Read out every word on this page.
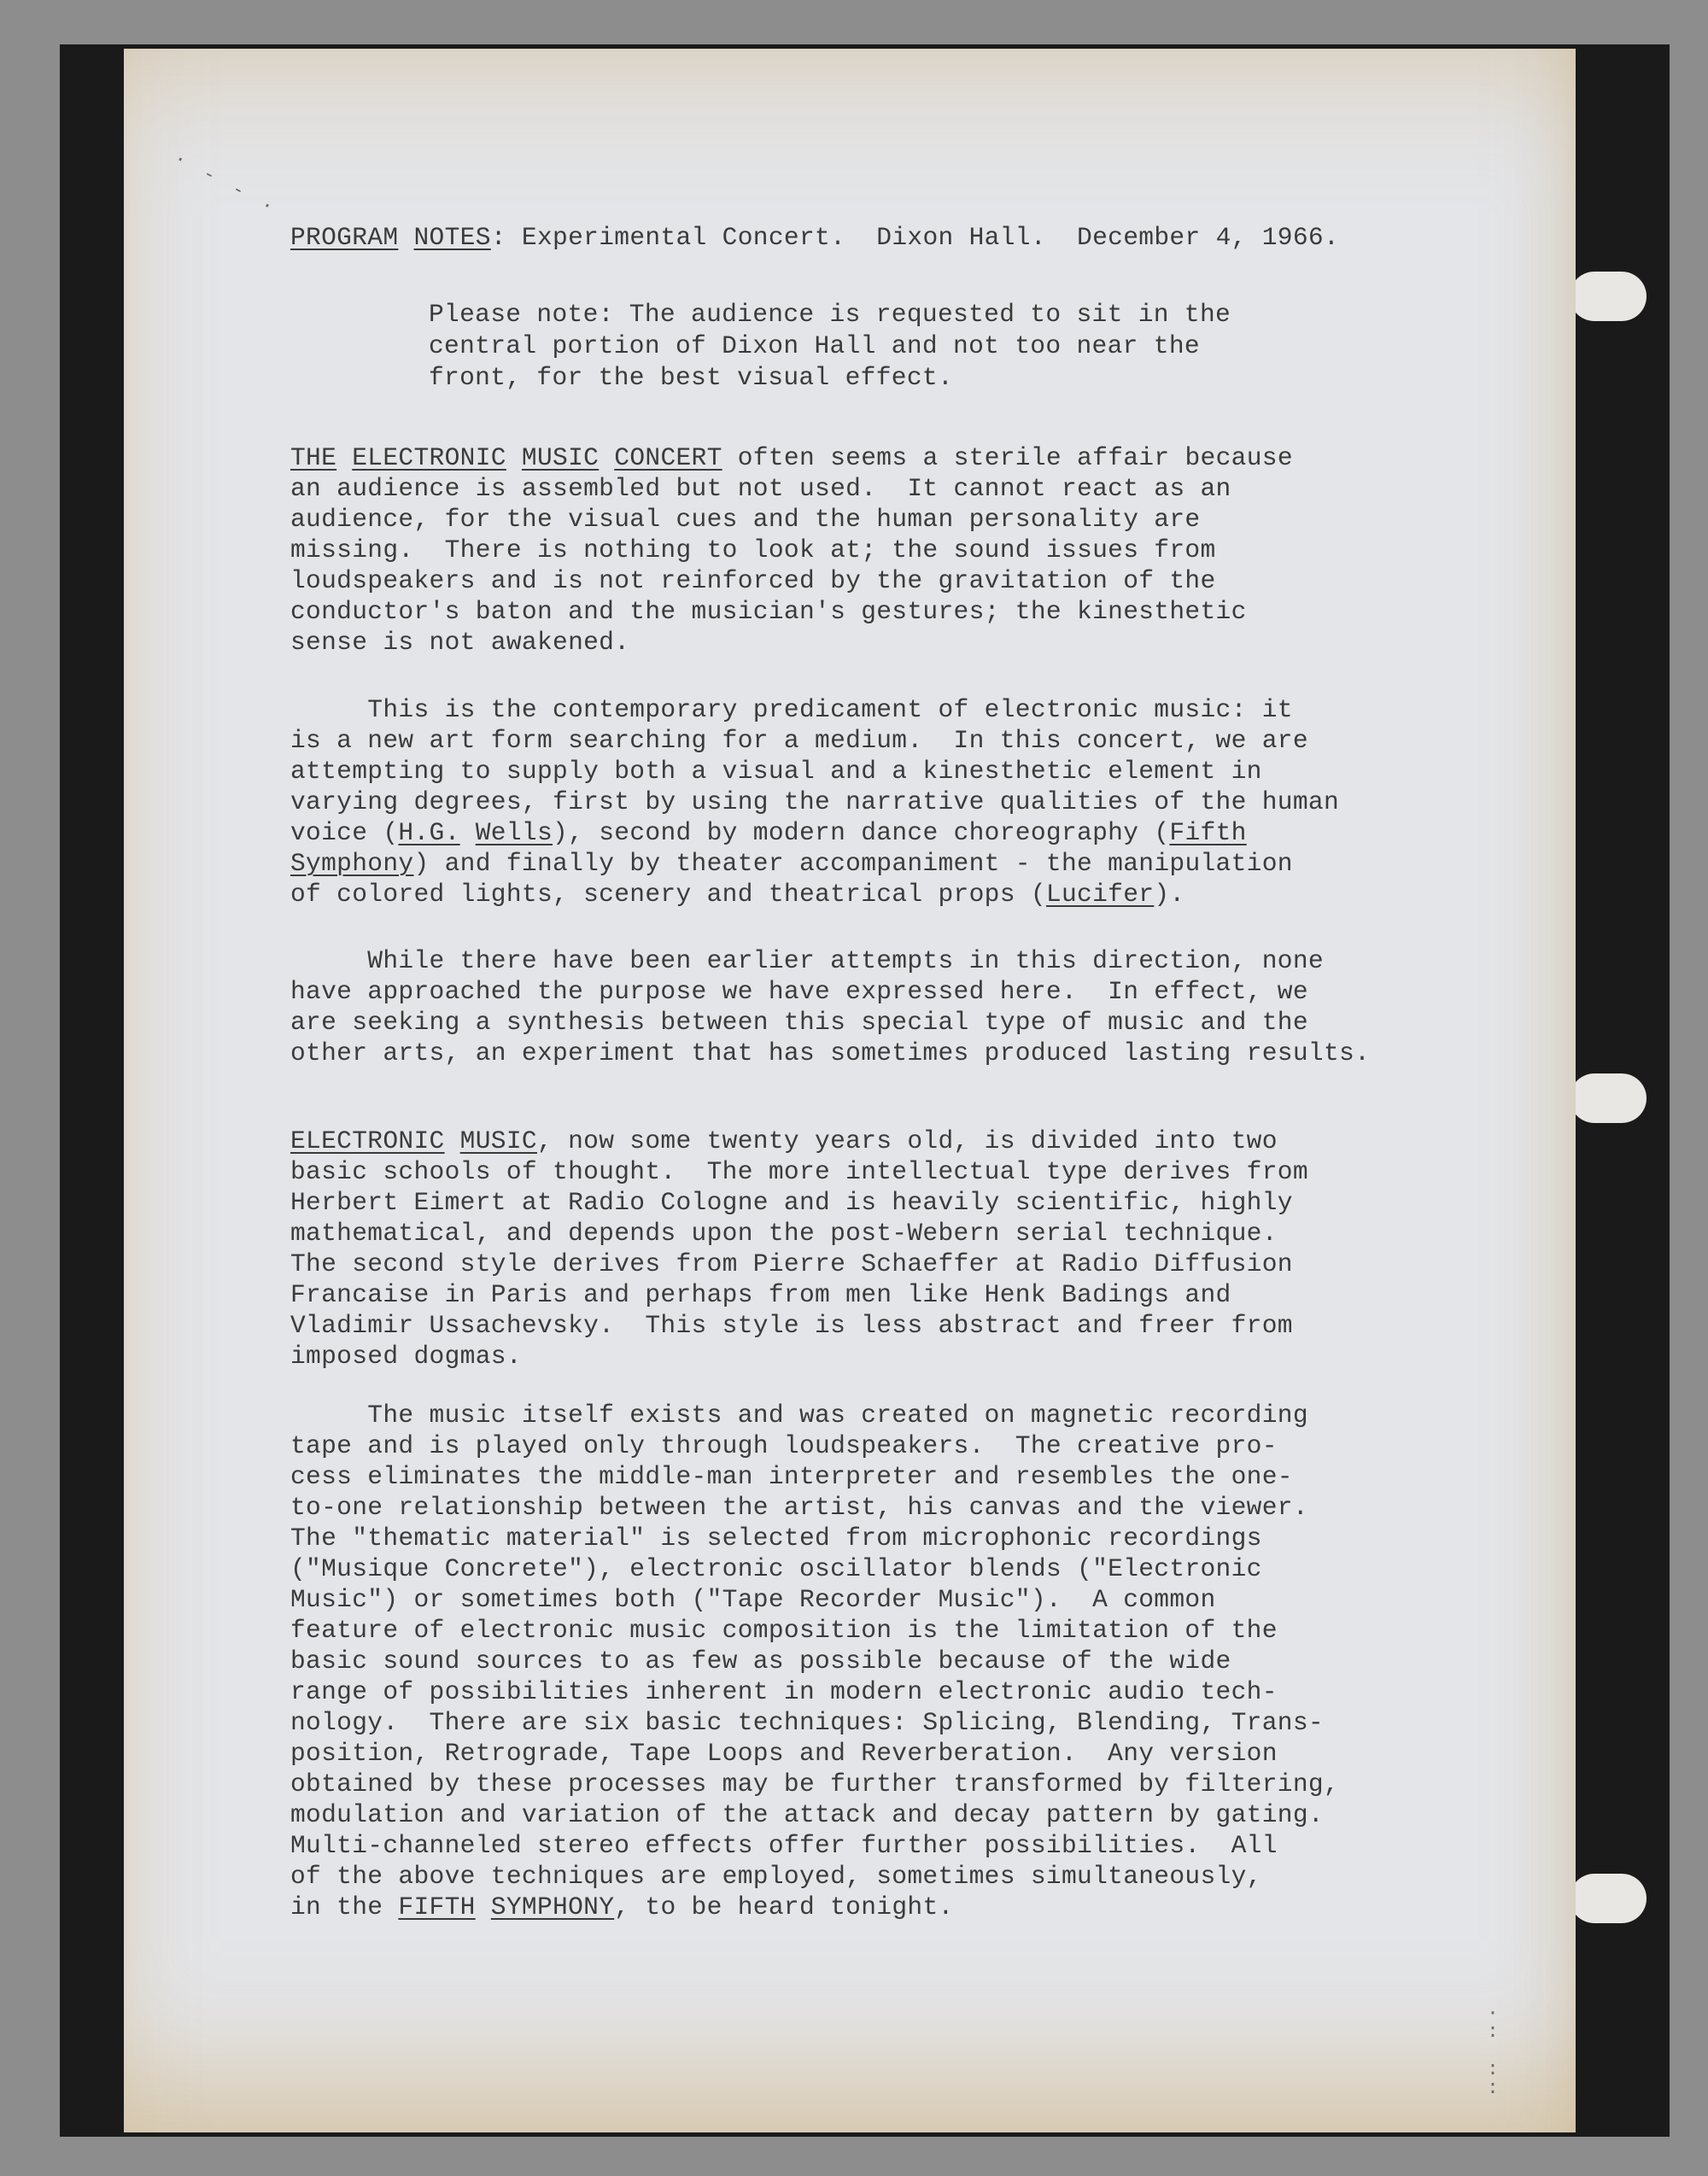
· - - ·
·
:

:
:

PROGRAM NOTES: Experimental Concert.  Dixon Hall.  December 4, 1966.

Please note: The audience is requested to sit in the

central portion of Dixon Hall and not too near the

front, for the best visual effect.

THE ELECTRONIC MUSIC CONCERT often seems a sterile affair because

an audience is assembled but not used.  It cannot react as an

audience, for the visual cues and the human personality are

missing.  There is nothing to look at; the sound issues from

loudspeakers and is not reinforced by the gravitation of the

conductor's baton and the musician's gestures; the kinesthetic

sense is not awakened.

This is the contemporary predicament of electronic music: it

is a new art form searching for a medium.  In this concert, we are

attempting to supply both a visual and a kinesthetic element in

varying degrees, first by using the narrative qualities of the human

voice (H.G. Wells), second by modern dance choreography (Fifth

Symphony) and finally by theater accompaniment - the manipulation

of colored lights, scenery and theatrical props (Lucifer).

While there have been earlier attempts in this direction, none

have approached the purpose we have expressed here.  In effect, we

are seeking a synthesis between this special type of music and the

other arts, an experiment that has sometimes produced lasting results.

ELECTRONIC MUSIC, now some twenty years old, is divided into two

basic schools of thought.  The more intellectual type derives from

Herbert Eimert at Radio Cologne and is heavily scientific, highly

mathematical, and depends upon the post-Webern serial technique.

The second style derives from Pierre Schaeffer at Radio Diffusion

Francaise in Paris and perhaps from men like Henk Badings and

Vladimir Ussachevsky.  This style is less abstract and freer from

imposed dogmas.

The music itself exists and was created on magnetic recording

tape and is played only through loudspeakers.  The creative pro-

cess eliminates the middle-man interpreter and resembles the one-

to-one relationship between the artist, his canvas and the viewer.

The "thematic material" is selected from microphonic recordings

("Musique Concrete"), electronic oscillator blends ("Electronic

Music") or sometimes both ("Tape Recorder Music").  A common

feature of electronic music composition is the limitation of the

basic sound sources to as few as possible because of the wide

range of possibilities inherent in modern electronic audio tech-

nology.  There are six basic techniques: Splicing, Blending, Trans-

position, Retrograde, Tape Loops and Reverberation.  Any version

obtained by these processes may be further transformed by filtering,

modulation and variation of the attack and decay pattern by gating.

Multi-channeled stereo effects offer further possibilities.  All

of the above techniques are employed, sometimes simultaneously,

in the FIFTH SYMPHONY, to be heard tonight.
